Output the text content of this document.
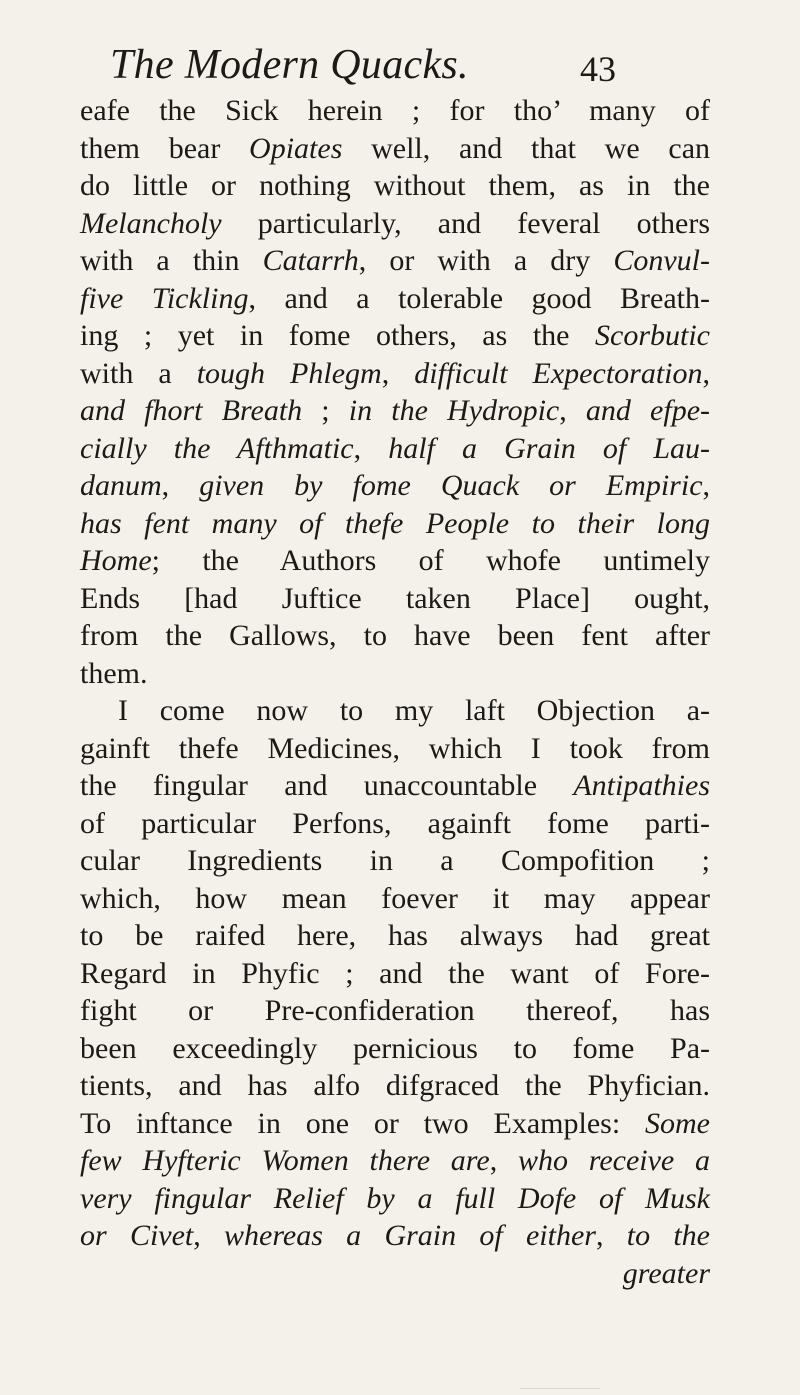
The Modern Quacks.	43
eafe the Sick herein ; for tho’ many of
them bear Opiates well, and that we can
do little or nothing without them, as in the
Melancholy particularly, and feveral others
with a thin Catarrh, or with a dry Convul-
five Tickling, and a tolerable good Breath-
ing ; yet in fome others, as the Scorbutic
with a tough Phlegm, difficult Expectoration,
and fhort Breath ; in the Hydropic, and efpe-
cially the Afthmatic, half a Grain of Lau-
danum, given by fome Quack or Empiric,
has fent many of thefe People to their long
Home; the Authors of whofe untimely
Ends [had Juftice taken Place] ought,
from the Gallows, to have been fent after
them.
I come now to my laft Objection a-
gainft thefe Medicines, which I took from
the fingular and unaccountable Antipathies
of particular Perfons, againft fome parti-
cular Ingredients in a Compofition ;
which, how mean foever it may appear
to be raifed here, has always had great
Regard in Phyfic ; and the want of Fore-
fight or Pre-confideration thereof, has
been exceedingly pernicious to fome Pa-
tients, and has alfo difgraced the Phyfician.
To inftance in one or two Examples: Some
few Hyfteric Women there are, who receive a
very fingular Relief by a full Dofe of Musk
or Civet, whereas a Grain of either, to the
greater
